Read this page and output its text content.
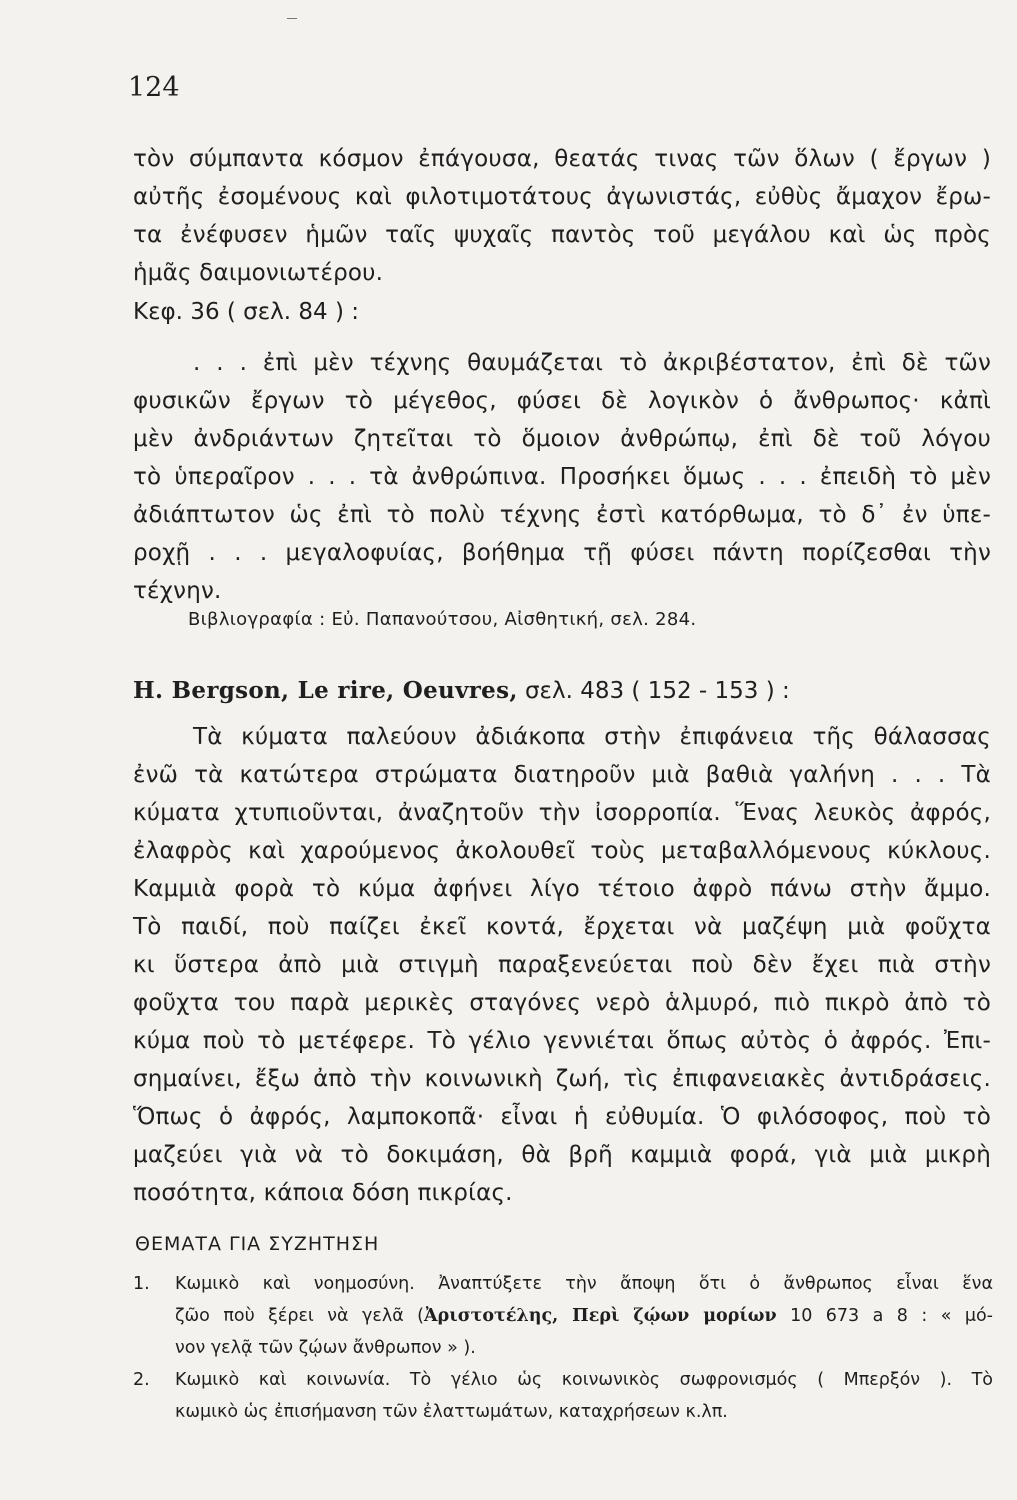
124
τὸν σύμπαντα κόσμον ἐπάγουσα, θεατάς τινας τῶν ὅλων ( ἔργων )
αὐτῆς ἐσομένους καὶ φιλοτιμοτάτους ἀγωνιστάς, εὐθὺς ἄμαχον ἔρω-
τα ἐνέφυσεν ἡμῶν ταῖς ψυχαῖς παντὸς τοῦ μεγάλου καὶ ὡς πρὸς
ἡμᾶς δαιμονιωτέρου.
Κεφ. 36 ( σελ. 84 ) :
. . . ἐπὶ μὲν τέχνης θαυμάζεται τὸ ἀκριβέστατον, ἐπὶ δὲ τῶν
φυσικῶν ἔργων τὸ μέγεθος, φύσει δὲ λογικὸν ὁ ἄνθρωπος· κἀπὶ
μὲν ἀνδριάντων ζητεῖται τὸ ὅμοιον ἀνθρώπῳ, ἐπὶ δὲ τοῦ λόγου
τὸ ὑπεραῖρον . . . τὰ ἀνθρώπινα. Προσήκει ὅμως . . . ἐπειδὴ τὸ μὲν
ἀδιάπτωτον ὡς ἐπὶ τὸ πολὺ τέχνης ἐστὶ κατόρθωμα, τὸ δ᾽ ἐν ὑπε-
ροχῇ . . . μεγαλοφυίας, βοήθημα τῇ φύσει πάντη πορίζεσθαι τὴν
τέχνην.
Βιβλιογραφία : Εὐ. Παπανούτσου, Αἰσθητική, σελ. 284.
H. Bergson, Le rire, Oeuvres, σελ. 483 ( 152 - 153 ) :
Τὰ κύματα παλεύουν ἀδιάκοπα στὴν ἐπιφάνεια τῆς θάλασσας
ἐνῶ τὰ κατώτερα στρώματα διατηροῦν μιὰ βαθιὰ γαλήνη . . . Τὰ
κύματα χτυπιοῦνται, ἀναζητοῦν τὴν ἰσορροπία. Ἕνας λευκὸς ἀφρός,
ἐλαφρὸς καὶ χαρούμενος ἀκολουθεῖ τοὺς μεταβαλλόμενους κύκλους.
Καμμιὰ φορὰ τὸ κύμα ἀφήνει λίγο τέτοιο ἀφρὸ πάνω στὴν ἄμμο.
Τὸ παιδί, ποὺ παίζει ἐκεῖ κοντά, ἔρχεται νὰ μαζέψη μιὰ φοῦχτα
κι ὕστερα ἀπὸ μιὰ στιγμὴ παραξενεύεται ποὺ δὲν ἔχει πιὰ στὴν
φοῦχτα του παρὰ μερικὲς σταγόνες νερὸ ἁλμυρό, πιὸ πικρὸ ἀπὸ τὸ
κύμα ποὺ τὸ μετέφερε. Τὸ γέλιο γεννιέται ὅπως αὐτὸς ὁ ἀφρός. Ἐπι-
σημαίνει, ἔξω ἀπὸ τὴν κοινωνικὴ ζωή, τὶς ἐπιφανειακὲς ἀντιδράσεις.
Ὅπως ὁ ἀφρός, λαμποκοπᾶ· εἶναι ἡ εὐθυμία. Ὁ φιλόσοφος, ποὺ τὸ
μαζεύει γιὰ νὰ τὸ δοκιμάση, θὰ βρῆ καμμιὰ φορά, γιὰ μιὰ μικρὴ
ποσότητα, κάποια δόση πικρίας.
ΘΕΜΑΤΑ ΓΙΑ ΣΥΖΗΤΗΣΗ
1. Κωμικὸ καὶ νοημοσύνη. Ἀναπτύξετε τὴν ἄποψη ὅτι ὁ ἄνθρωπος εἶναι ἕνα
ζῶο ποὺ ξέρει νὰ γελᾶ (Ἀριστοτέλης, Περὶ ζῴων μορίων 10 673 a 8 : « μό-
νον γελᾷ τῶν ζῴων ἄνθρωπον » ).
2. Κωμικὸ καὶ κοινωνία. Τὸ γέλιο ὡς κοινωνικὸς σωφρονισμός ( Μπερξόν ). Τὸ
κωμικὸ ὡς ἐπισήμανση τῶν ἐλαττωμάτων, καταχρήσεων κ.λπ.
